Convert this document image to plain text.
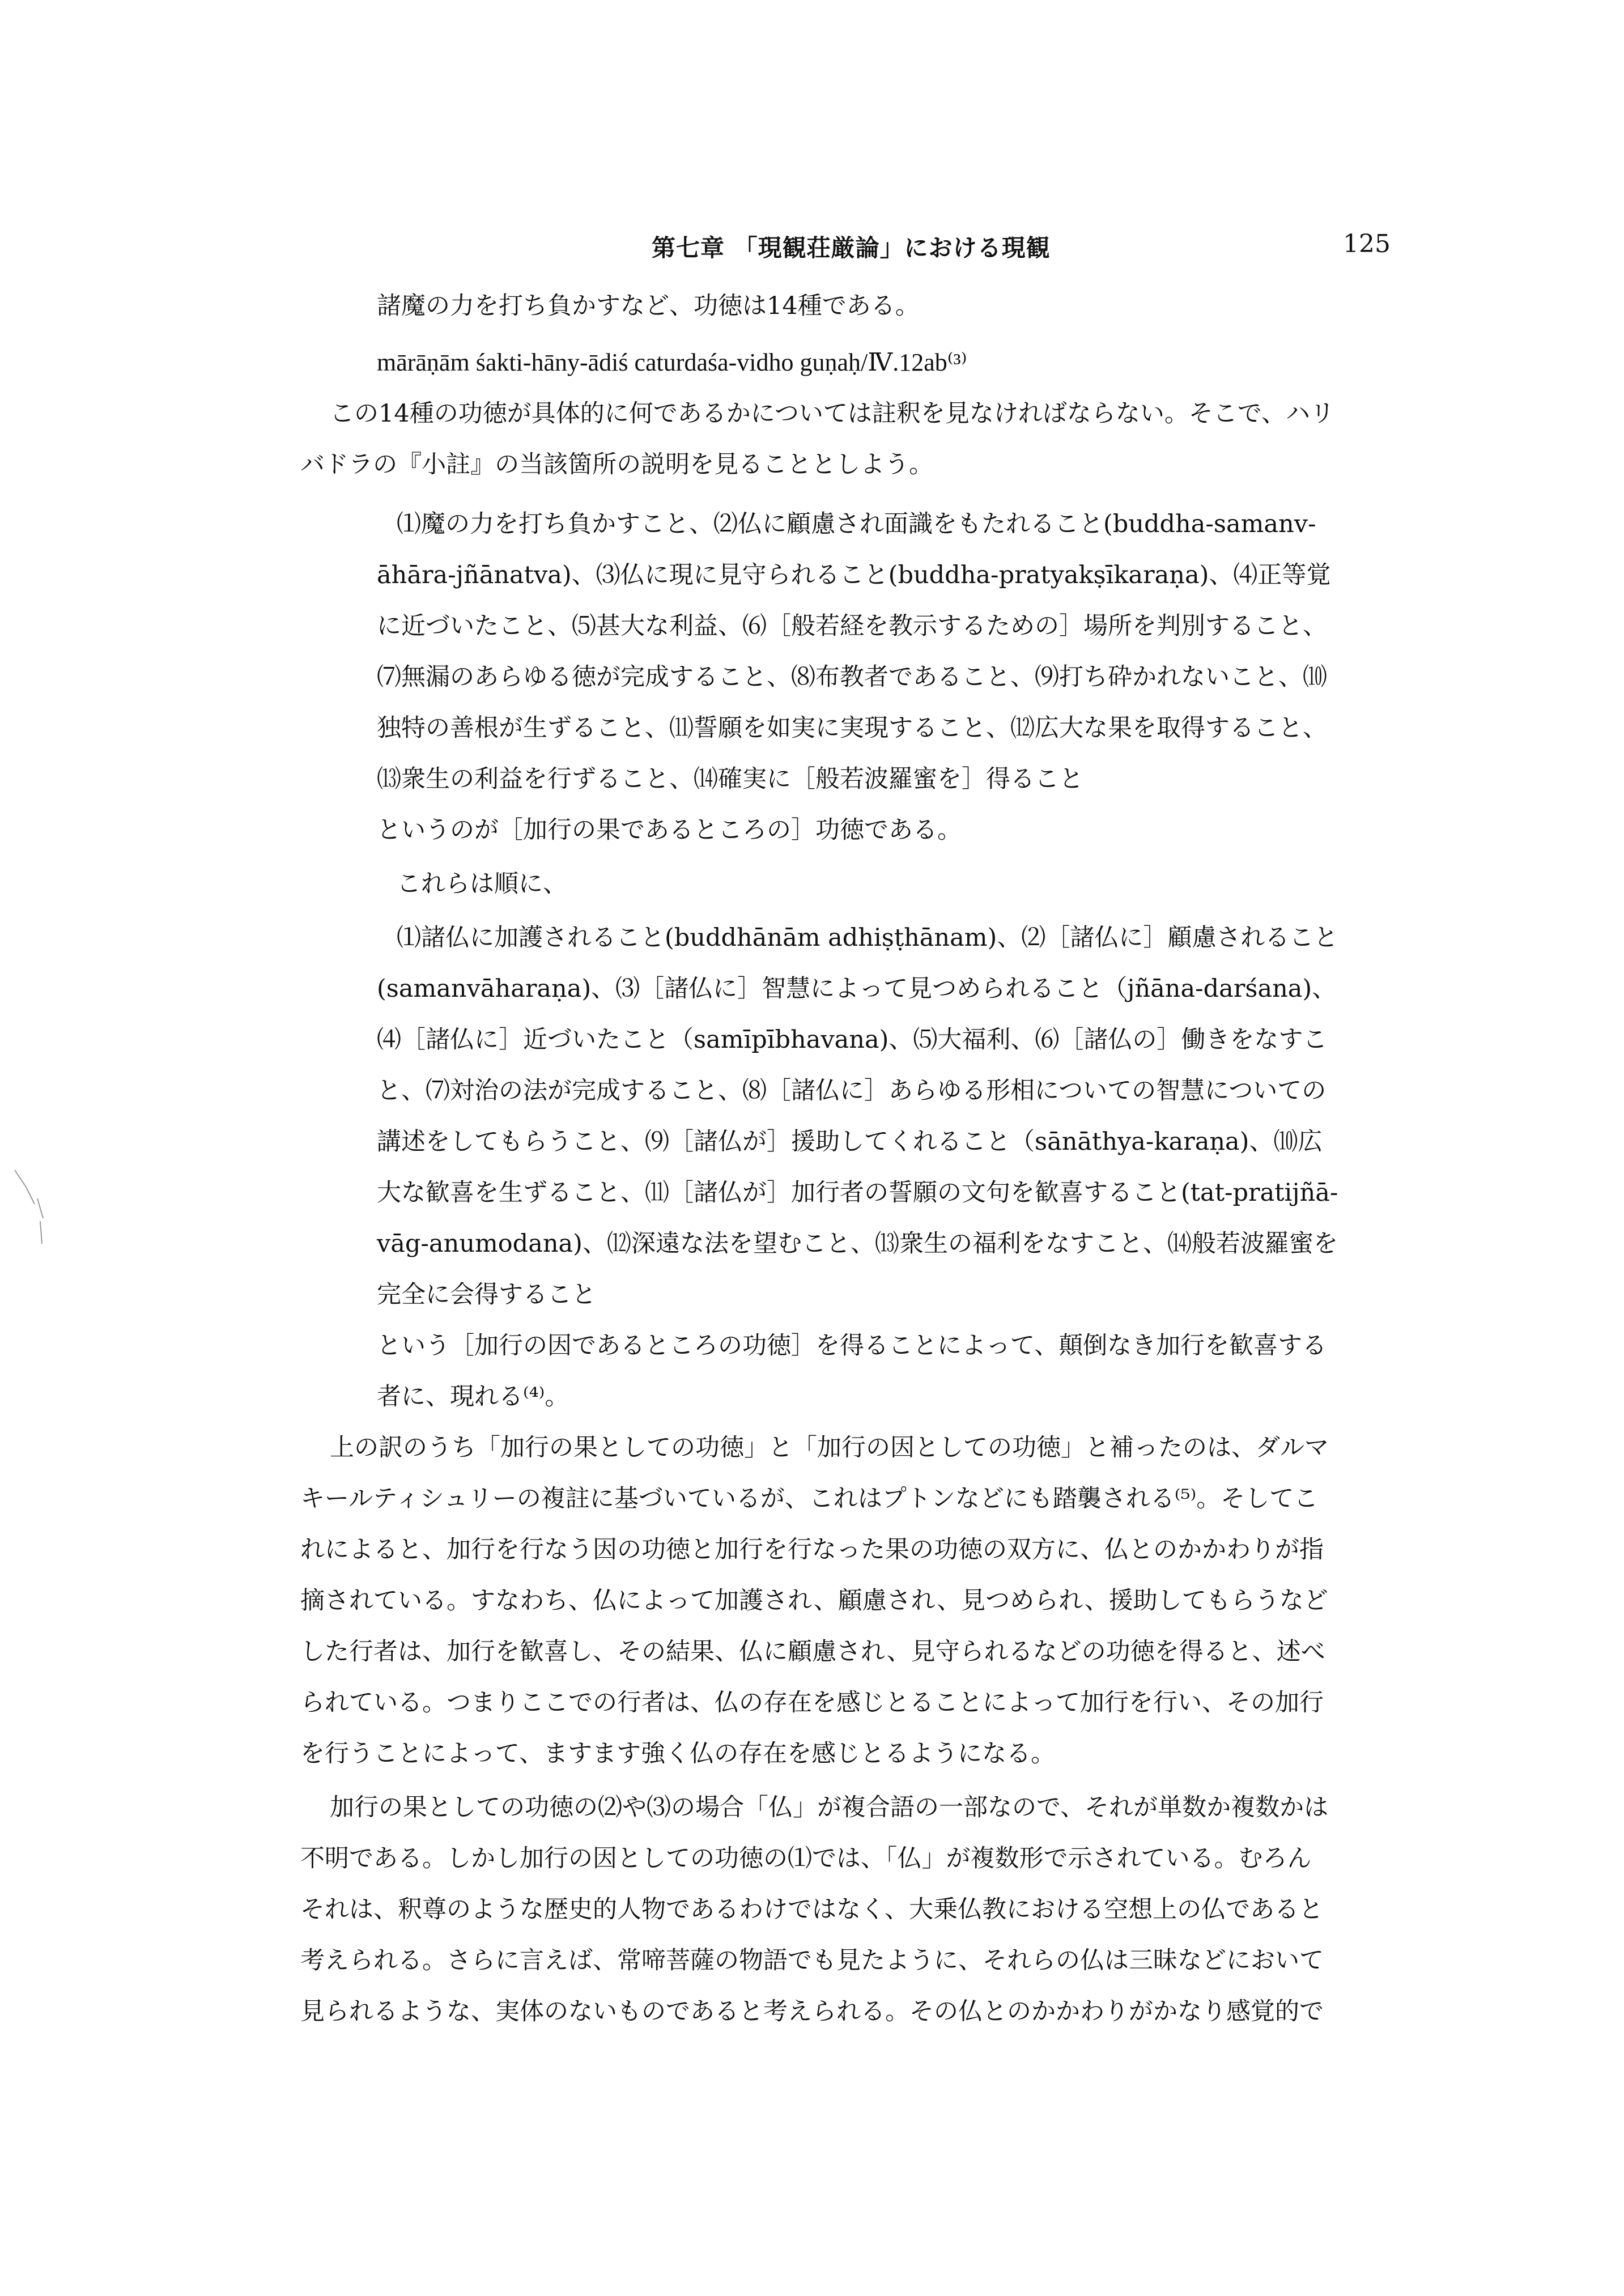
第七章 「現観荘厳論」における現観	125
諸魔の力を打ち負かすなど、功徳は14種である。
mārāṇām śakti-hāny-ādiś caturdaśa-vidho guṇaḥ/Ⅳ.12ab⁽³⁾
この14種の功徳が具体的に何であるかについては註釈を見なければならない。そこで、ハリ
バドラの『小註』の当該箇所の説明を見ることとしよう。
⑴魔の力を打ち負かすこと、⑵仏に顧慮され面識をもたれること(buddha-samanv-
āhāra-jñānatva)、⑶仏に現に見守られること(buddha-pratyakṣīkaraṇa)、⑷正等覚
に近づいたこと、⑸甚大な利益、⑹［般若経を教示するための］場所を判別すること、
⑺無漏のあらゆる徳が完成すること、⑻布教者であること、⑼打ち砕かれないこと、⑽
独特の善根が生ずること、⑾誓願を如実に実現すること、⑿広大な果を取得すること、
⒀衆生の利益を行ずること、⒁確実に［般若波羅蜜を］得ること
というのが［加行の果であるところの］功徳である。
これらは順に、
⑴諸仏に加護されること(buddhānām adhiṣṭhānam)、⑵［諸仏に］顧慮されること
(samanvāharaṇa)、⑶［諸仏に］智慧によって見つめられること（jñāna-darśana)、
⑷［諸仏に］近づいたこと（samīpībhavana)、⑸大福利、⑹［諸仏の］働きをなすこ
と、⑺対治の法が完成すること、⑻［諸仏に］あらゆる形相についての智慧についての
講述をしてもらうこと、⑼［諸仏が］援助してくれること（sānāthya-karaṇa)、⑽広
大な歓喜を生ずること、⑾［諸仏が］加行者の誓願の文句を歓喜すること(tat-pratijñā-
vāg-anumodana)、⑿深遠な法を望むこと、⒀衆生の福利をなすこと、⒁般若波羅蜜を
完全に会得すること
という［加行の因であるところの功徳］を得ることによって、顛倒なき加行を歓喜する
者に、現れる⁽⁴⁾。
上の訳のうち「加行の果としての功徳」と「加行の因としての功徳」と補ったのは、ダルマ
キールティシュリーの複註に基づいているが、これはプトンなどにも踏襲される⁽⁵⁾。そしてこ
れによると、加行を行なう因の功徳と加行を行なった果の功徳の双方に、仏とのかかわりが指
摘されている。すなわち、仏によって加護され、顧慮され、見つめられ、援助してもらうなど
した行者は、加行を歓喜し、その結果、仏に顧慮され、見守られるなどの功徳を得ると、述べ
られている。つまりここでの行者は、仏の存在を感じとることによって加行を行い、その加行
を行うことによって、ますます強く仏の存在を感じとるようになる。
加行の果としての功徳の⑵や⑶の場合「仏」が複合語の一部なので、それが単数か複数かは
不明である。しかし加行の因としての功徳の⑴では、「仏」が複数形で示されている。むろん
それは、釈尊のような歴史的人物であるわけではなく、大乗仏教における空想上の仏であると
考えられる。さらに言えば、常啼菩薩の物語でも見たように、それらの仏は三昧などにおいて
見られるような、実体のないものであると考えられる。その仏とのかかわりがかなり感覚的で
